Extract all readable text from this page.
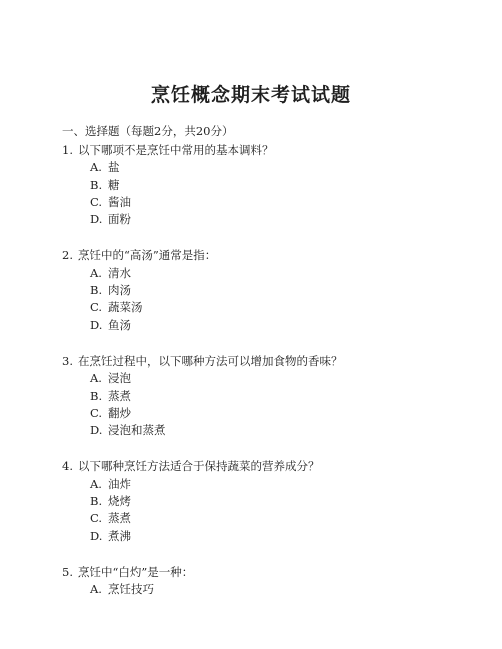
烹饪概念期末考试试题

一、选择题（每题2分，共20分）

1. 以下哪项不是烹饪中常用的基本调料？

A. 盐
B. 糖
C. 酱油
D. 面粉

2. 烹饪中的“高汤”通常是指：

A. 清水
B. 肉汤
C. 蔬菜汤
D. 鱼汤

3. 在烹饪过程中，以下哪种方法可以增加食物的香味？

A. 浸泡
B. 蒸煮
C. 翻炒
D. 浸泡和蒸煮

4. 以下哪种烹饪方法适合于保持蔬菜的营养成分？

A. 油炸
B. 烧烤
C. 蒸煮
D. 煮沸

5. 烹饪中“白灼”是一种：

A. 烹饪技巧
